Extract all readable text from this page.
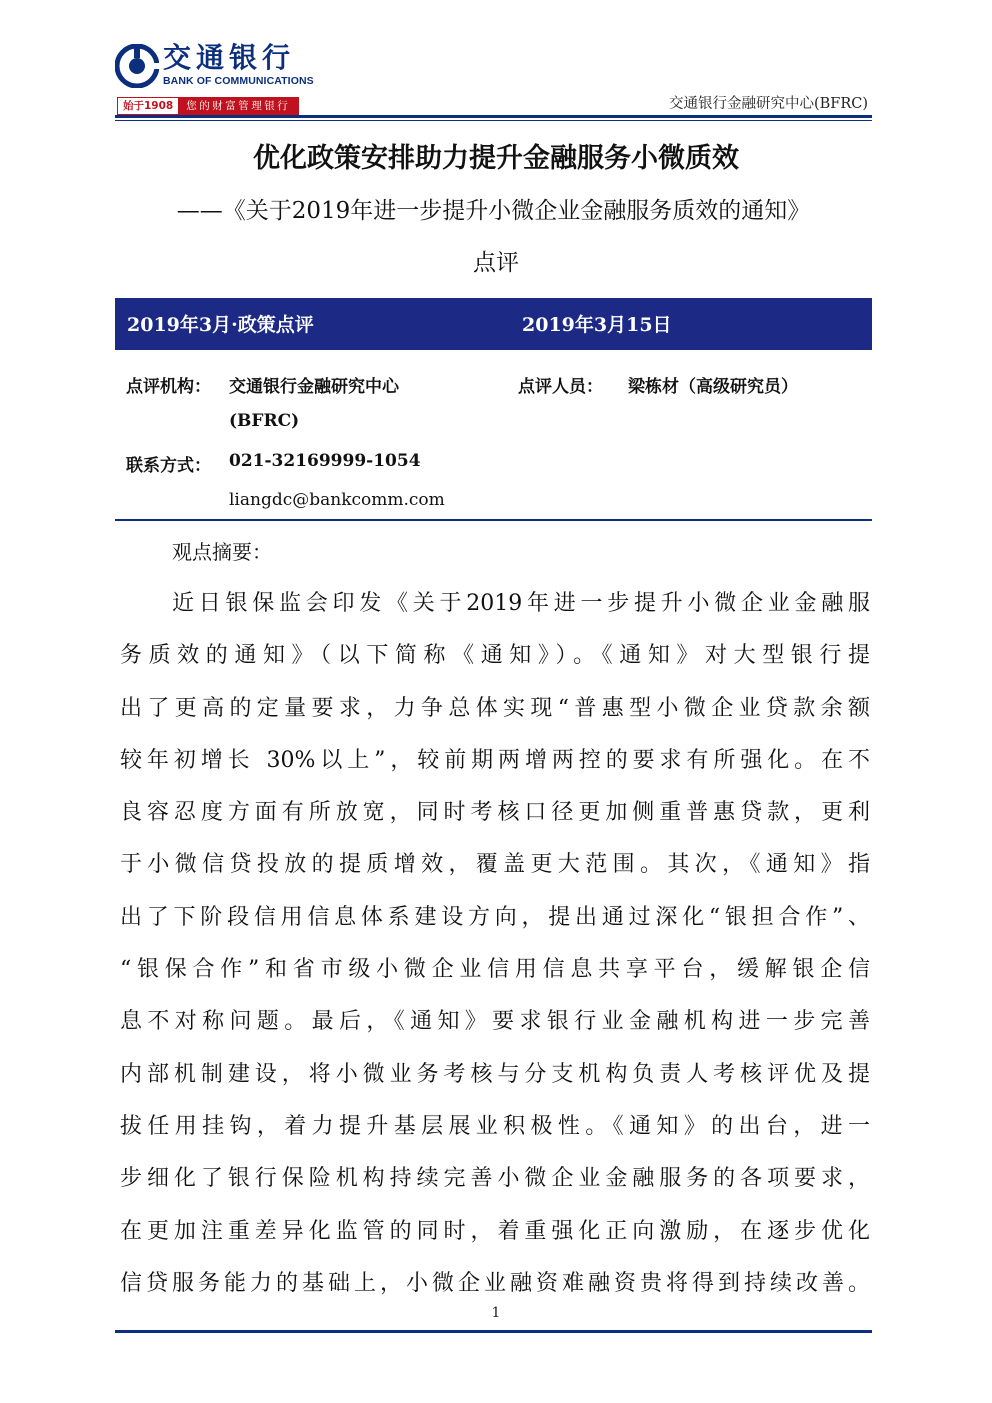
交通银行
BANK OF COMMUNICATIONS
始于1908	您的财富管理银行	交通银行金融研究中心(BFRC)
优化政策安排助力提升金融服务小微质效
——《关于2019年进一步提升小微企业金融服务质效的通知》
点评
2019年3月·政策点评	2019年3月15日
点评机构： 交通银行金融研究中心
(BFRC)
点评人员： 梁栋材（高级研究员）
联系方式： 021-32169999-1054
liangdc@bankcomm.com
观点摘要：
近日银保监会印发《关于2019年进一步提升小微企业金融服
务质效的通知》（以下简称《通知》）。《通知》对大型银行提
出了更高的定量要求，力争总体实现“普惠型小微企业贷款余额
较年初增长 30%以上”，较前期两增两控的要求有所强化。在不
良容忍度方面有所放宽，同时考核口径更加侧重普惠贷款，更利
于小微信贷投放的提质增效，覆盖更大范围。其次，《通知》指
出了下阶段信用信息体系建设方向，提出通过深化“银担合作”、
“银保合作”和省市级小微企业信用信息共享平台，缓解银企信
息不对称问题。最后，《通知》要求银行业金融机构进一步完善
内部机制建设，将小微业务考核与分支机构负责人考核评优及提
拔任用挂钩，着力提升基层展业积极性。《通知》的出台，进一
步细化了银行保险机构持续完善小微企业金融服务的各项要求，
在更加注重差异化监管的同时，着重强化正向激励，在逐步优化
信贷服务能力的基础上，小微企业融资难融资贵将得到持续改善。
1
